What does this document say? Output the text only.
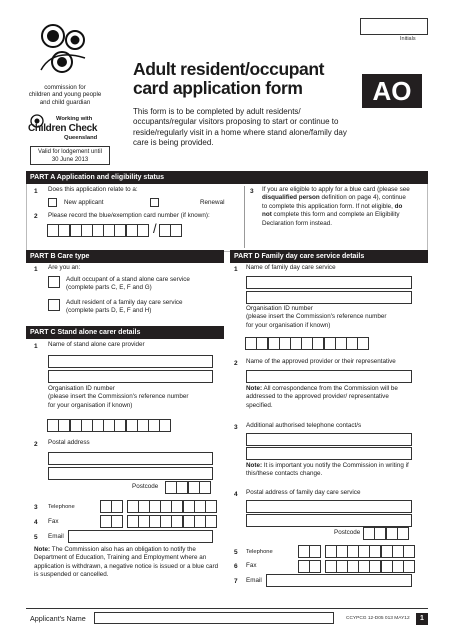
Initials
commission for
children and young people
and child guardian
Working with
Children Check
Queensland
Valid for lodgement until
30 June 2013
Adult resident/occupant
card application form	AO
This form is to be completed by adult residents/ occupants/regular visitors proposing to start or continue to reside/regularly visit in a home where stand alone/family day care is being provided.
PART A Application and eligibility status
1 Does this application relate to a:
New applicant	Renewal
2 Please record the blue/exemption card number (if known):
/
3 If you are eligible to apply for a blue card (please see disqualified person definition on page 4), continue to complete this application form. If not eligible, do not complete this form and complete an Eligibility Declaration form instead.
PART B Care type
1 Are you an:
Adult occupant of a stand alone care service
(complete parts C, E, F and G)
Adult resident of a family day care service
(complete parts D, E, F and H)
PART C Stand alone carer details
1 Name of stand alone care provider
Organisation ID number
(please insert the Commission's reference number
for your organisation if known)
2 Postal address
Postcode
3 Telephone
4 Fax
5 Email
Note: The Commission also has an obligation to notify the Department of Education, Training and Employment where an application is withdrawn, a negative notice is issued or a blue card is suspended or cancelled.
PART D Family day care service details
1 Name of family day care service
Organisation ID number
(please insert the Commission's reference number
for your organisation if known)
2 Name of the approved provider or their representative
Note: All correspondence from the Commission will be addressed to the approved provider/ representative specified.
3 Additional authorised telephone contact/s
Note: It is important you notify the Commission in writing if this/these contacts change.
4 Postal address of family day care service
Postcode
5 Telephone
6 Fax
7 Email
Applicant's Name	CCYPCG 12-D05 013 MAY12	1
